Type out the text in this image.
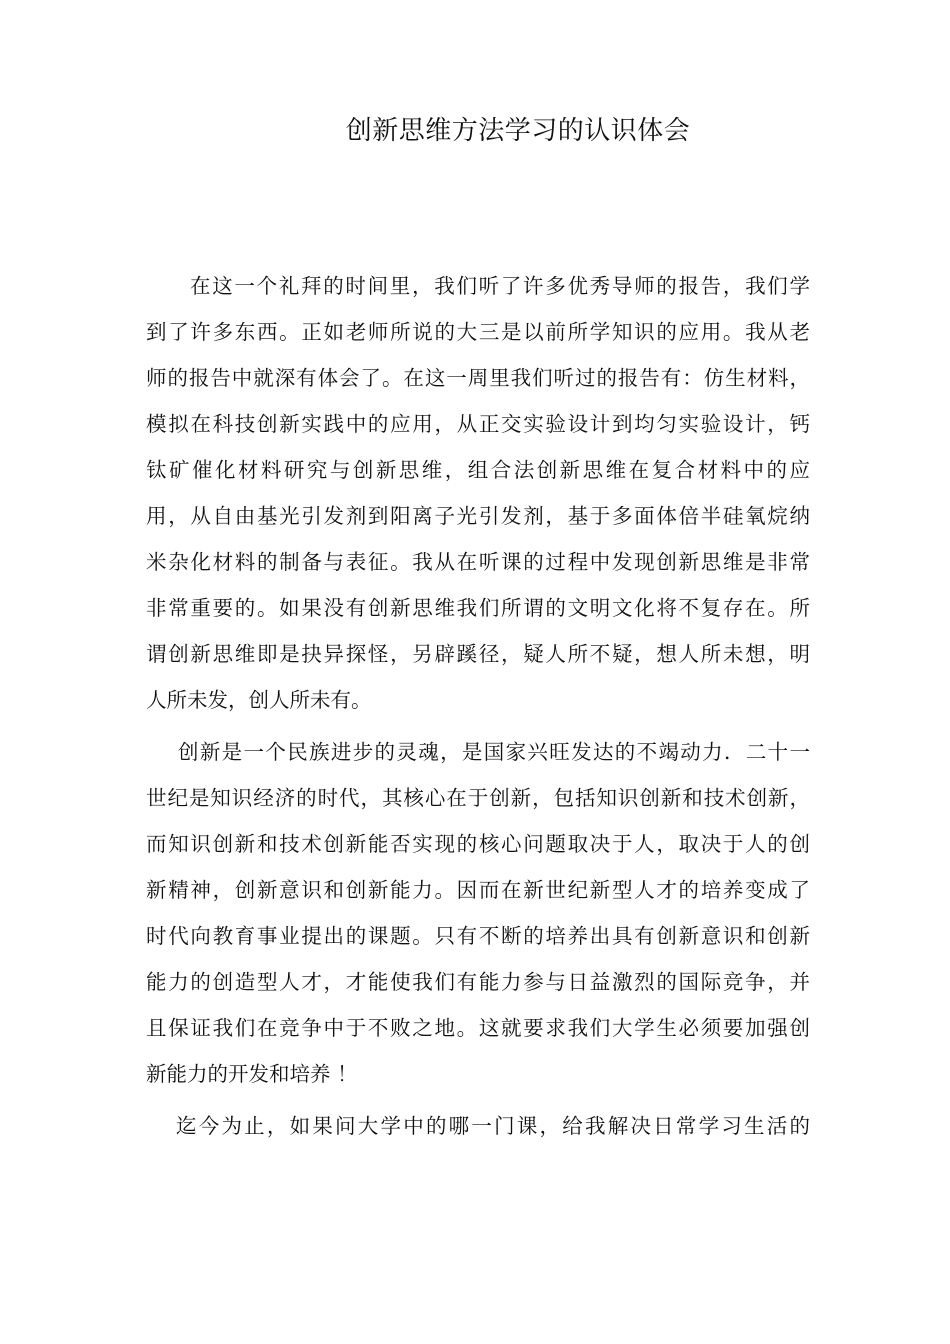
创新思维方法学习的认识体会
在这一个礼拜的时间里，我们听了许多优秀导师的报告，我们学
到了许多东西。正如老师所说的大三是以前所学知识的应用。我从老
师的报告中就深有体会了。在这一周里我们听过的报告有：仿生材料，
模拟在科技创新实践中的应用，从正交实验设计到均匀实验设计，钙
钛矿催化材料研究与创新思维，组合法创新思维在复合材料中的应
用，从自由基光引发剂到阳离子光引发剂，基于多面体倍半硅氧烷纳
米杂化材料的制备与表征。我从在听课的过程中发现创新思维是非常
非常重要的。如果没有创新思维我们所谓的文明文化将不复存在。所
谓创新思维即是抉异探怪，另辟蹊径，疑人所不疑，想人所未想，明
人所未发，创人所未有。
创新是一个民族进步的灵魂，是国家兴旺发达的不竭动力．二十一
世纪是知识经济的时代，其核心在于创新，包括知识创新和技术创新，
而知识创新和技术创新能否实现的核心问题取决于人，取决于人的创
新精神，创新意识和创新能力。因而在新世纪新型人才的培养变成了
时代向教育事业提出的课题。只有不断的培养出具有创新意识和创新
能力的创造型人才，才能使我们有能力参与日益激烈的国际竞争，并
且保证我们在竞争中于不败之地。这就要求我们大学生必须要加强创
新能力的开发和培养 ！
迄今为止，如果问大学中的哪一门课，给我解决日常学习生活的
